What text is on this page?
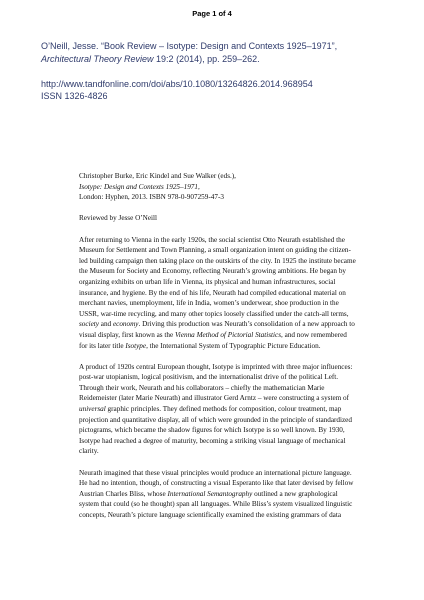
Page 1 of 4

O’Neill, Jesse. “Book Review – Isotype: Design and Contexts 1925–1971”,

Architectural Theory Review 19:2 (2014), pp. 259–262.

http://www.tandfonline.com/doi/abs/10.1080/13264826.2014.968954

ISSN 1326-4826

Christopher Burke, Eric Kindel and Sue Walker (eds.),
Isotype: Design and Contexts 1925–1971,
London: Hyphen, 2013. ISBN 978-0-907259-47-3
Reviewed by Jesse O’Neill
After returning to Vienna in the early 1920s, the social scientist Otto Neurath established the
Museum for Settlement and Town Planning, a small organization intent on guiding the citizen-
led building campaign then taking place on the outskirts of the city. In 1925 the institute became
the Museum for Society and Economy, reflecting Neurath’s growing ambitions. He began by
organizing exhibits on urban life in Vienna, its physical and human infrastructures, social
insurance, and hygiene. By the end of his life, Neurath had compiled educational material on
merchant navies, unemployment, life in India, women’s underwear, shoe production in the
USSR, war-time recycling, and many other topics loosely classified under the catch-all terms,
society and economy. Driving this production was Neurath’s consolidation of a new approach to
visual display, first known as the Vienna Method of Pictorial Statistics, and now remembered
for its later title Isotype, the International System of Typographic Picture Education.
A product of 1920s central European thought, Isotype is imprinted with three major influences:
post-war utopianism, logical positivism, and the internationalist drive of the political Left.
Through their work, Neurath and his collaborators – chiefly the mathematician Marie
Reidemeister (later Marie Neurath) and illustrator Gerd Arntz – were constructing a system of
universal graphic principles. They defined methods for composition, colour treatment, map
projection and quantitative display, all of which were grounded in the principle of standardized
pictograms, which became the shadow figures for which Isotype is so well known. By 1930,
Isotype had reached a degree of maturity, becoming a striking visual language of mechanical
clarity.
Neurath imagined that these visual principles would produce an international picture language.
He had no intention, though, of constructing a visual Esperanto like that later devised by fellow
Austrian Charles Bliss, whose International Semantography outlined a new graphological
system that could (so he thought) span all languages. While Bliss’s system visualized linguistic
concepts, Neurath’s picture language scientifically examined the existing grammars of data
